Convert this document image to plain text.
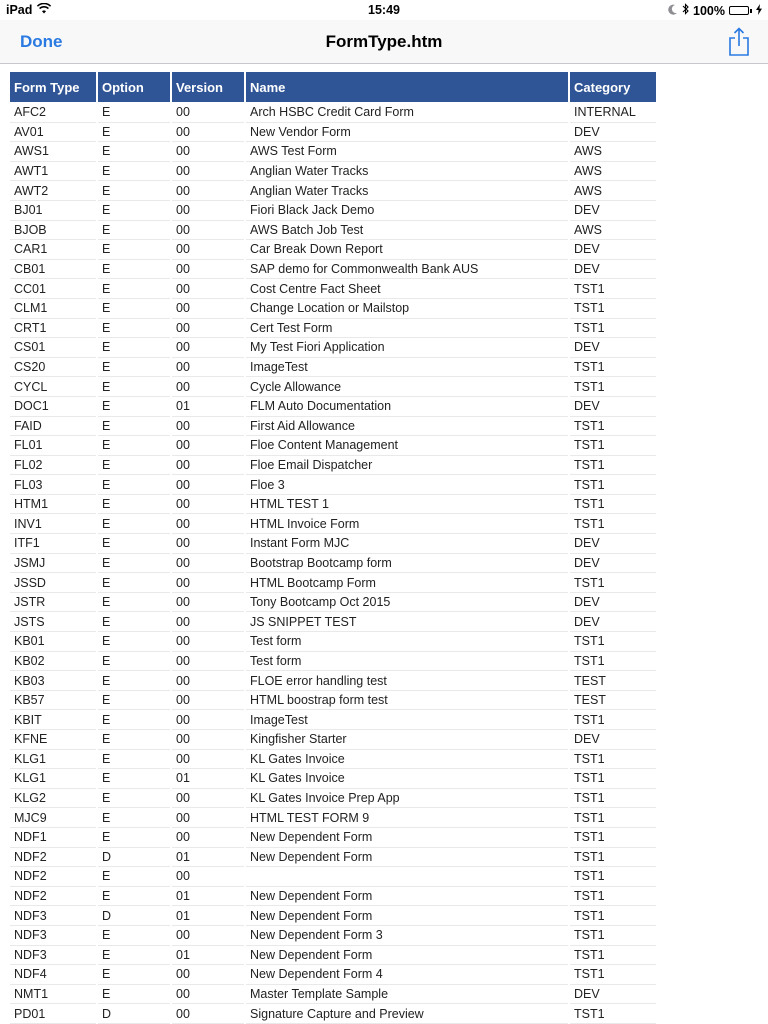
iPad	15:49	100%
Done	FormType.htm
Form Type	Option	Version	Name	Category
AFC2	E	00	Arch HSBC Credit Card Form	INTERNAL
AV01	E	00	New Vendor Form	DEV
AWS1	E	00	AWS Test Form	AWS
AWT1	E	00	Anglian Water Tracks	AWS
AWT2	E	00	Anglian Water Tracks	AWS
BJ01	E	00	Fiori Black Jack Demo	DEV
BJOB	E	00	AWS Batch Job Test	AWS
CAR1	E	00	Car Break Down Report	DEV
CB01	E	00	SAP demo for Commonwealth Bank AUS	DEV
CC01	E	00	Cost Centre Fact Sheet	TST1
CLM1	E	00	Change Location or Mailstop	TST1
CRT1	E	00	Cert Test Form	TST1
CS01	E	00	My Test Fiori Application	DEV
CS20	E	00	ImageTest	TST1
CYCL	E	00	Cycle Allowance	TST1
DOC1	E	01	FLM Auto Documentation	DEV
FAID	E	00	First Aid Allowance	TST1
FL01	E	00	Floe Content Management	TST1
FL02	E	00	Floe Email Dispatcher	TST1
FL03	E	00	Floe 3	TST1
HTM1	E	00	HTML TEST 1	TST1
INV1	E	00	HTML Invoice Form	TST1
ITF1	E	00	Instant Form MJC	DEV
JSMJ	E	00	Bootstrap Bootcamp form	DEV
JSSD	E	00	HTML Bootcamp Form	TST1
JSTR	E	00	Tony Bootcamp Oct 2015	DEV
JSTS	E	00	JS SNIPPET TEST	DEV
KB01	E	00	Test form	TST1
KB02	E	00	Test form	TST1
KB03	E	00	FLOE error handling test	TEST
KB57	E	00	HTML boostrap form test	TEST
KBIT	E	00	ImageTest	TST1
KFNE	E	00	Kingfisher Starter	DEV
KLG1	E	00	KL Gates Invoice	TST1
KLG1	E	01	KL Gates Invoice	TST1
KLG2	E	00	KL Gates Invoice Prep App	TST1
MJC9	E	00	HTML TEST FORM 9	TST1
NDF1	E	00	New Dependent Form	TST1
NDF2	D	01	New Dependent Form	TST1
NDF2	E	00		TST1
NDF2	E	01	New Dependent Form	TST1
NDF3	D	01	New Dependent Form	TST1
NDF3	E	00	New Dependent Form 3	TST1
NDF3	E	01	New Dependent Form	TST1
NDF4	E	00	New Dependent Form 4	TST1
NMT1	E	00	Master Template Sample	DEV
PD01	D	00	Signature Capture and Preview	TST1
